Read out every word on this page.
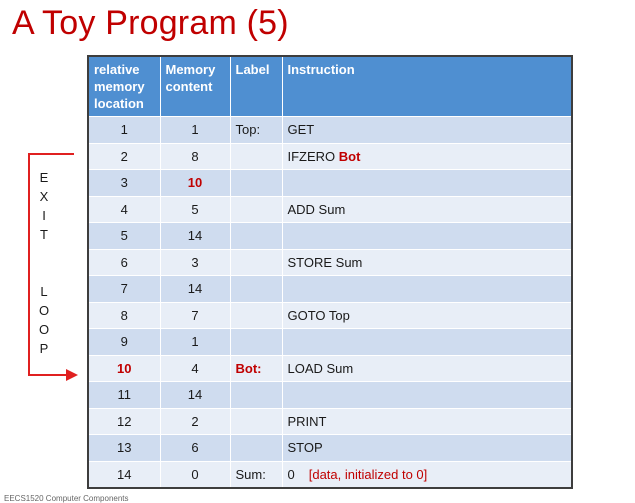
A Toy Program (5)
relative memory location	Memory content	Label	Instruction
1	1	Top:	GET
2	8		IFZERO Bot
3	10		
4	5		ADD Sum
5	14		
6	3		STORE Sum
7	14		
8	7		GOTO Top
9	1		
10	4	Bot:	LOAD Sum
11	14		
12	2		PRINT
13	6		STOP
14	0	Sum:	0 [data, initialized to 0]
E
X
I
T
L
O
O
P
EECS1520 Computer Components
